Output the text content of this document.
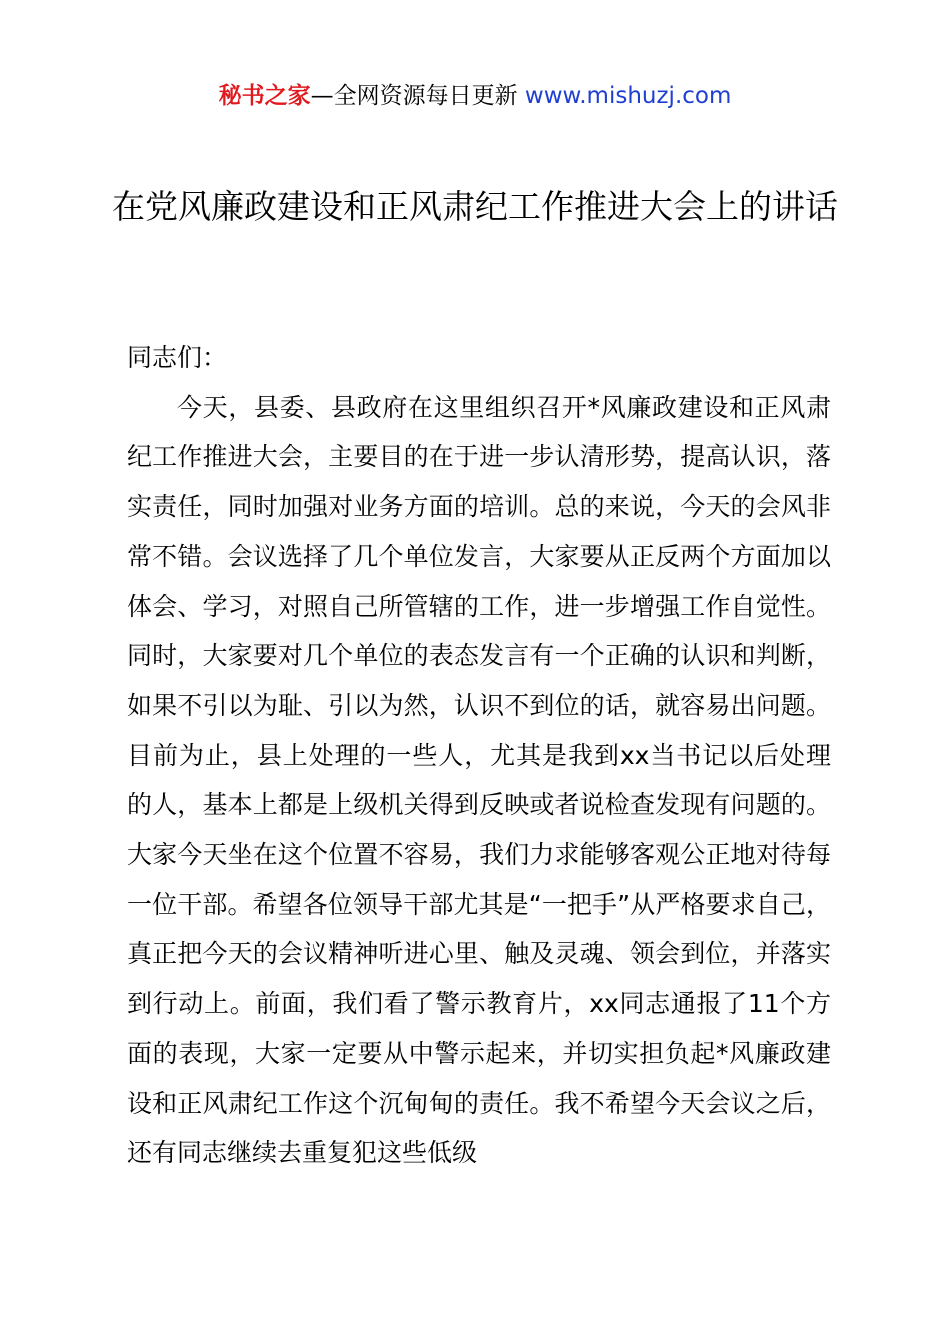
秘书之家—全网资源每日更新 www.mishuzj.com
在党风廉政建设和正风肃纪工作推进大会上的讲话

同志们：

今天，县委、县政府在这里组织召开*风廉政建设和正风肃纪工作推进大会，主要目的在于进一步认清形势，提高认识，落实责任，同时加强对业务方面的培训。总的来说，今天的会风非常不错。会议选择了几个单位发言，大家要从正反两个方面加以体会、学习，对照自己所管辖的工作，进一步增强工作自觉性。同时，大家要对几个单位的表态发言有一个正确的认识和判断，如果不引以为耻、引以为然，认识不到位的话，就容易出问题。目前为止，县上处理的一些人，尤其是我到xx当书记以后处理的人，基本上都是上级机关得到反映或者说检查发现有问题的。大家今天坐在这个位置不容易，我们力求能够客观公正地对待每一位干部。希望各位领导干部尤其是“一把手”从严格要求自己，真正把今天的会议精神听进心里、触及灵魂、领会到位，并落实到行动上。前面，我们看了警示教育片，xx同志通报了11个方面的表现，大家一定要从中警示起来，并切实担负起*风廉政建设和正风肃纪工作这个沉甸甸的责任。我不希望今天会议之后，还有同志继续去重复犯这些低级
